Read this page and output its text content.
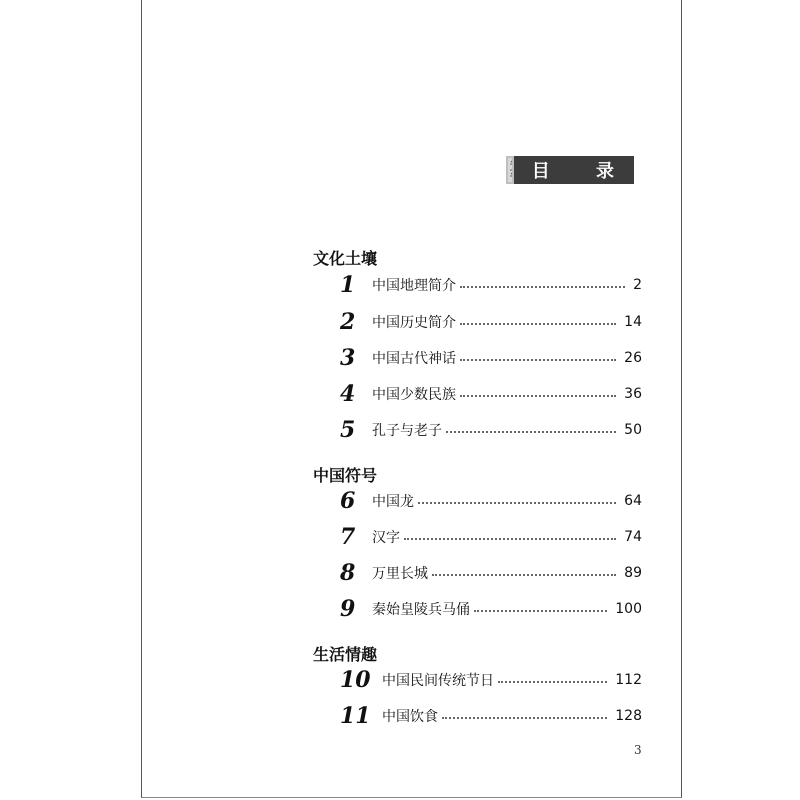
目 录
文化土壤
1	中国地理简介	2
2	中国历史简介	14
3	中国古代神话	26
4	中国少数民族	36
5	孔子与老子	50
中国符号
6	中国龙	64
7	汉字	74
8	万里长城	89
9	秦始皇陵兵马俑	100
生活情趣
10 中国民间传统节日	112
11 中国饮食	128
3
